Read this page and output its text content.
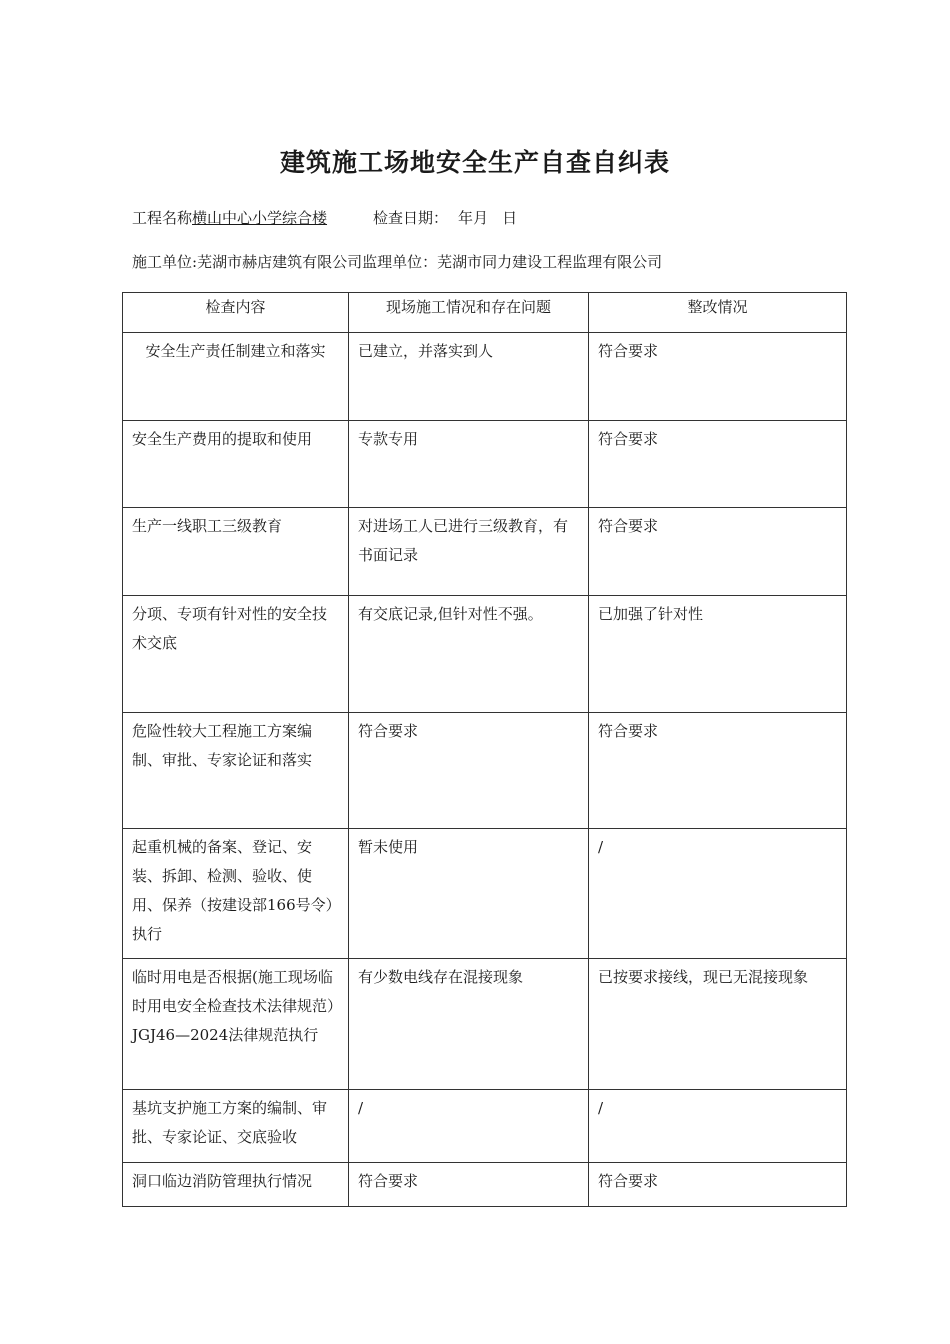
建筑施工场地安全生产自查自纠表
工程名称横山中心小学综合楼	检查日期： 年月 日
施工单位:芜湖市赫店建筑有限公司监理单位：芜湖市同力建设工程监理有限公司
检查内容	现场施工情况和存在问题	整改情况
安全生产责任制建立和落实	已建立，并落实到人	符合要求
安全生产费用的提取和使用	专款专用	符合要求
生产一线职工三级教育	对进场工人已进行三级教育，有书面记录	符合要求
分项、专项有针对性的安全技术交底	有交底记录,但针对性不强。	已加强了针对性
危险性较大工程施工方案编制、审批、专家论证和落实	符合要求	符合要求
起重机械的备案、登记、安装、拆卸、检测、验收、使用、保养（按建设部166号令）执行	暂未使用	/
临时用电是否根据(施工现场临时用电安全检查技术法律规范）JGJ46—2024法律规范执行	有少数电线存在混接现象	已按要求接线，现已无混接现象
基坑支护施工方案的编制、审批、专家论证、交底验收	/	/
洞口临边消防管理执行情况	符合要求	符合要求
